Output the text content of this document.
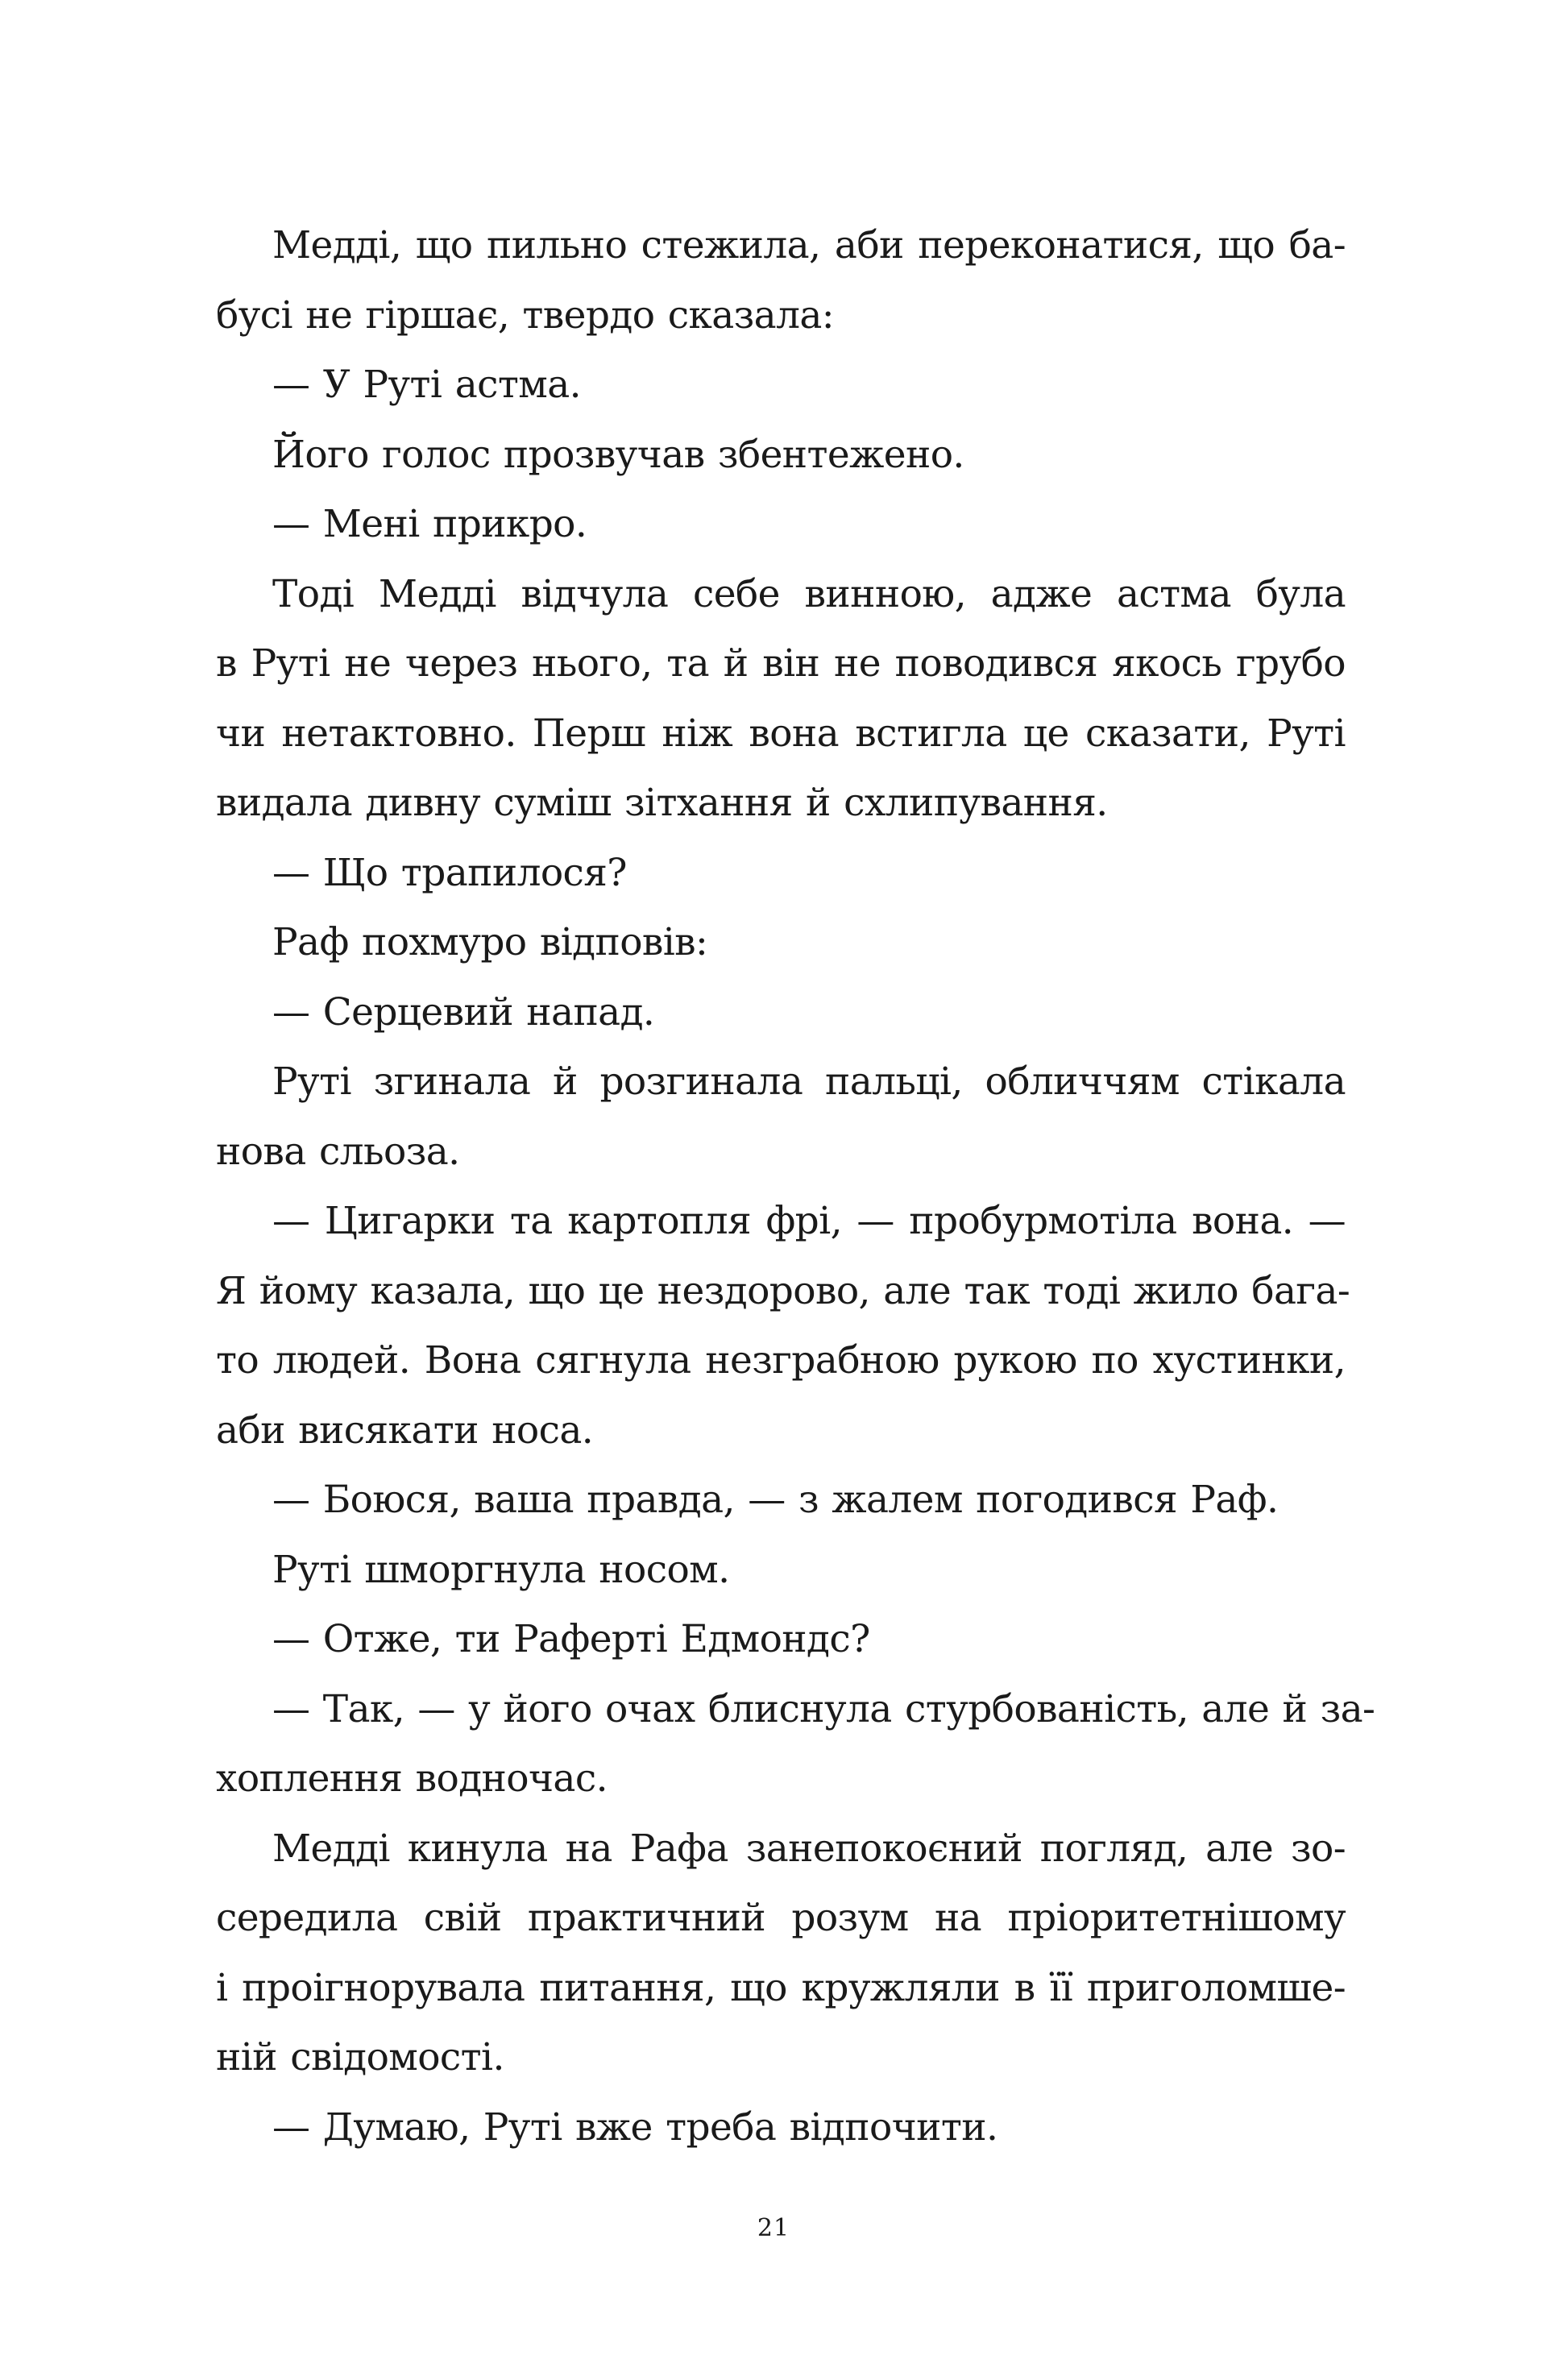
Медді, що пильно стежила, аби переконатися, що ба-
бусі не гіршає, твердо сказала:
— У Руті астма.
Його голос прозвучав збентежено.
— Мені прикро.
Тоді Медді відчула себе винною, адже астма була
в Руті не через нього, та й він не поводився якось грубо
чи нетактовно. Перш ніж вона встигла це сказати, Руті
видала дивну суміш зітхання й схлипування.
— Що трапилося?
Раф похмуро відповів:
— Серцевий напад.
Руті згинала й розгинала пальці, обличчям стікала
нова сльоза.
— Цигарки та картопля фрі, — пробурмотіла вона. —
Я йому казала, що це нездорово, але так тоді жило бага-
то людей. Вона сягнула незграбною рукою по хустинки,
аби висякати носа.
— Боюся, ваша правда, — з жалем погодився Раф.
Руті шморгнула носом.
— Отже, ти Раферті Едмондс?
— Так, — у його очах блиснула стурбованість, але й за-
хоплення водночас.
Медді кинула на Рафа занепокоєний погляд, але зо-
середила свій практичний розум на пріоритетнішому
і проігнорувала питання, що кружляли в її приголомше-
ній свідомості.
— Думаю, Руті вже треба відпочити.
21
